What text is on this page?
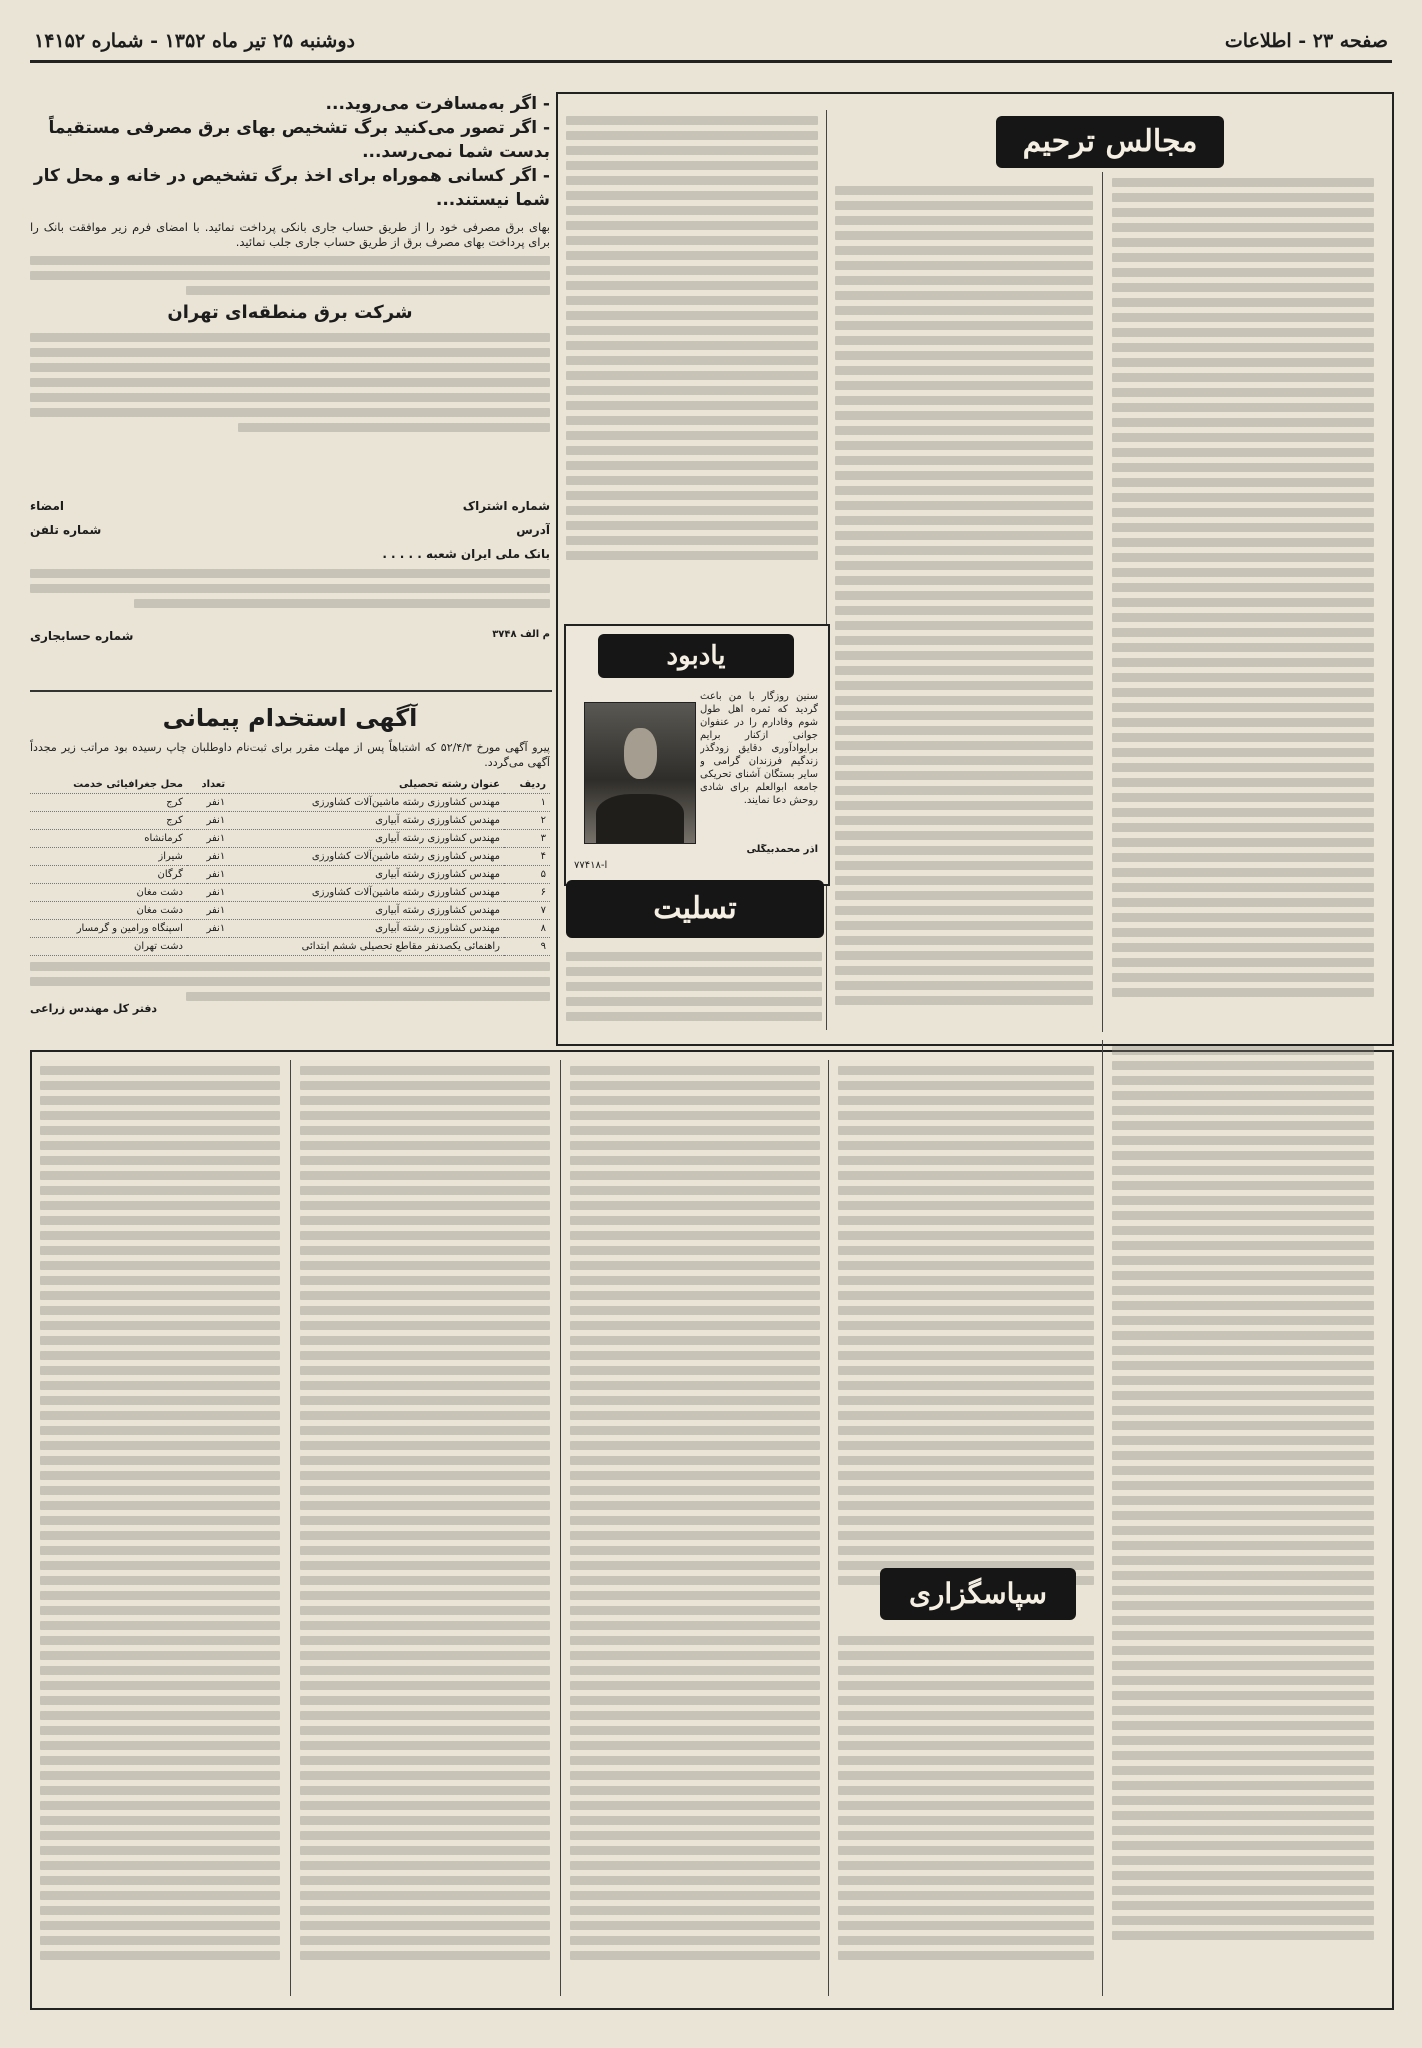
صفحه ۲۳ - اطلاعات
دوشنبه ۲۵ تیر ماه ۱۳۵۲ - شماره ۱۴۱۵۲
- اگر به‌مسافرت می‌روید...
- اگر تصور می‌کنید برگ تشخیص بهای برق مصرفی مستقیماً بدست شما نمی‌رسد...
- اگر کسانی هموراه برای اخذ برگ تشخیص در خانه و محل کار شما نیستند...
بهای برق مصرفی خود را از طریق حساب جاری بانکی پرداخت نمائید. با امضای فرم زیر موافقت بانک را برای پرداخت بهای مصرف برق از طریق حساب جاری جلب نمائید.
شرکت برق منطقه‌ای تهران
شماره اشتراک
امضاء
آدرس
شماره تلفن
بانک ملی ایران شعبه . . . . .
م الف ۳۷۴۸
شماره حسابجاری
آگهی استخدام پیمانی
پیرو آگهی مورخ ۵۲/۴/۳ که اشتباهاً پس از مهلت مقرر برای ثبت‌نام داوطلبان چاپ رسیده بود مراتب زیر مجدداً آگهی می‌گردد.
ردیف	عنوان رشته تحصیلی	تعداد	محل جغرافیائی خدمت
۱	مهندس کشاورزی رشته ماشین‌آلات کشاورزی	۱نفر	کرج
۲	مهندس کشاورزی رشته آبیاری	۱نفر	کرج
۳	مهندس کشاورزی رشته آبیاری	۱نفر	کرمانشاه
۴	مهندس کشاورزی رشته ماشین‌آلات کشاورزی	۱نفر	شیراز
۵	مهندس کشاورزی رشته آبیاری	۱نفر	گرگان
۶	مهندس کشاورزی رشته ماشین‌آلات کشاورزی	۱نفر	دشت مغان
۷	مهندس کشاورزی رشته آبیاری	۱نفر	دشت مغان
۸	مهندس کشاورزی رشته آبیاری	۱نفر	اسپنگاه ورامین و گرمسار
۹	راهنمائی یکصدنفر مقاطع تحصیلی ششم ابتدائی		دشت تهران
دفتر کل مهندس زراعی
مجالس ترحیم
یادبود
سنین روزگار با من باعث گردید که ثمره اهل طول شوم وفادارم را در عنفوان جوانی ازکنار برایم برایوادآوری دقایق زودگذر زندگیم فرزندان گرامی و سایر بستگان آشنای تحریکی جامعه ابوالعلم برای شادی روحش دعا نمایند.
آذر محمدبیگلی
آ-۷۷۴۱۸
تسلیت
سپاسگزاری
